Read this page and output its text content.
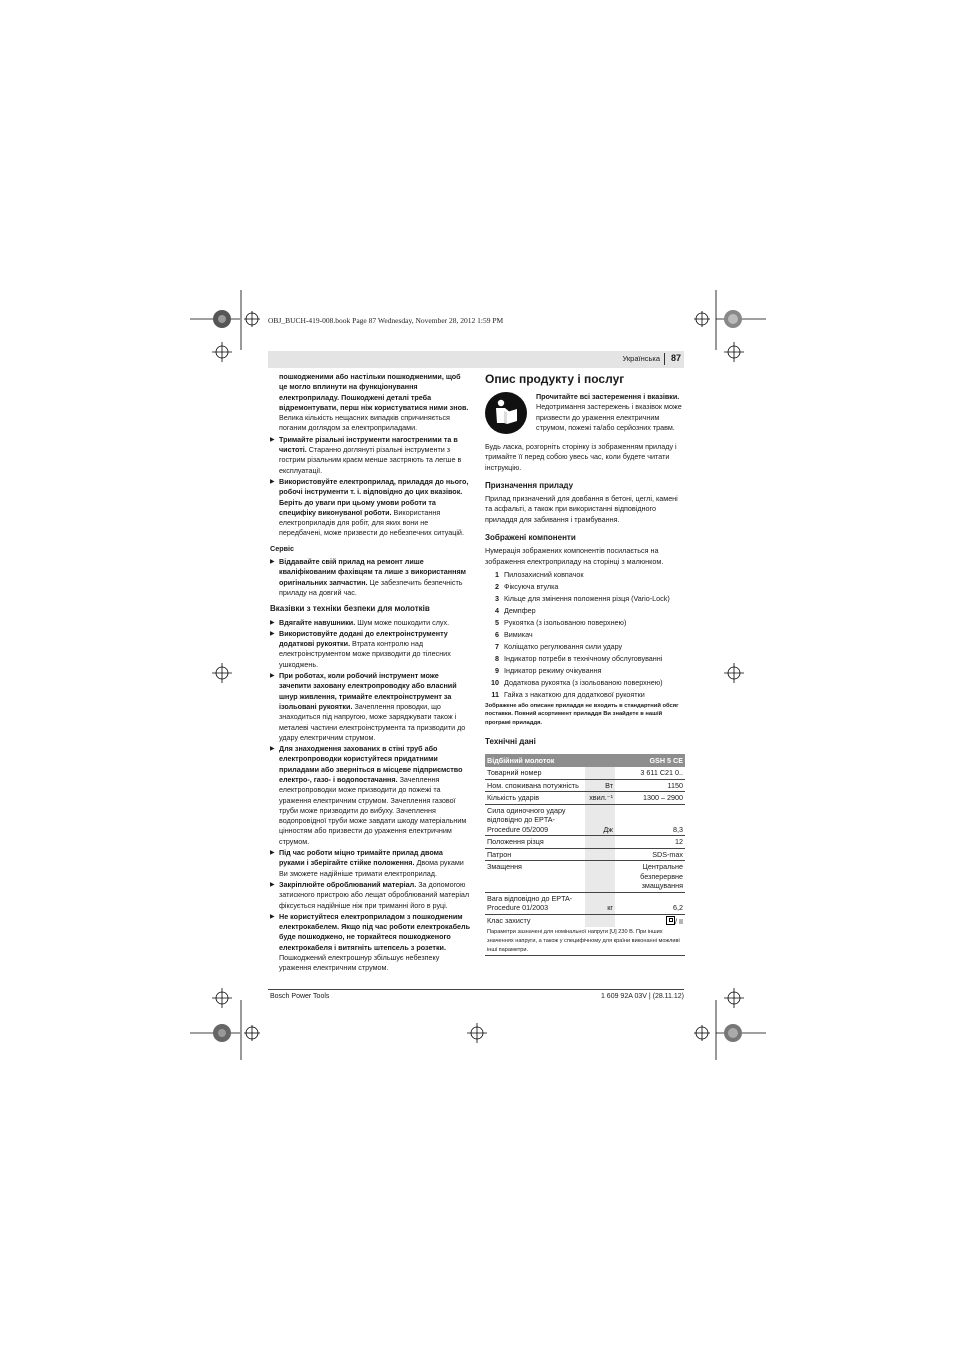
OBJ_BUCH-419-008.book Page 87 Wednesday, November 28, 2012 1:59 PM
Українська 87

пошкодженими або настільки пошкодженими, щоб це могло вплинути на функціонування електроприладу. Пошкоджені деталі треба відремонтувати, перш ніж користуватися ними знов. Велика кількість нещасних випадків спричиняється поганим доглядом за електроприладами.

▶ Тримайте різальні інструменти нагостреними та в чистоті. Старанно доглянуті різальні інструменти з гострим різальним краєм менше застряють та легше в експлуатації.
▶ Використовуйте електроприлад, приладдя до нього, робочі інструменти т. і. відповідно до цих вказівок. Беріть до уваги при цьому умови роботи та специфіку виконуваної роботи. Використання електроприладів для робіт, для яких вони не передбачені, може призвести до небезпечних ситуацій.
Сервіс
▶ Віддавайте свій прилад на ремонт лише кваліфікованим фахівцям та лише з використанням оригінальних запчастин. Це забезпечить безпечність приладу на довгий час.
Вказівки з техніки безпеки для молотків
▶ Вдягайте навушники. Шум може пошкодити слух.
▶ Використовуйте додані до електроінструменту додаткові рукоятки. Втрата контролю над електроінструментом може призводити до тілесних ушкоджень.
▶ При роботах, коли робочий інструмент може зачепити заховану електропроводку або власний шнур живлення, тримайте електроінструмент за ізольовані рукоятки. Зачеплення проводки, що знаходиться під напругою, може заряджувати також і металеві частини електроінструмента та призводити до удару електричним струмом.
▶ Для знаходження захованих в стіні труб або електропроводки користуйтеся придатними приладами або зверніться в місцеве підприємство електро-, газо- і водопостачання. Зачеплення електропроводки може призводити до пожежі та ураження електричним струмом. Зачеплення газової труби може призводити до вибуху. Зачеплення водопровідної труби може завдати шкоду матеріальним цінностям або призвести до ураження електричним струмом.
▶ Під час роботи міцно тримайте прилад двома руками і зберігайте стійке положення. Двома руками Ви зможете надійніше тримати електроприлад.
▶ Закріплюйте оброблюваний матеріал. За допомогою затискного пристрою або лещат оброблюваний матеріал фіксується надійніше ніж при триманні його в руці.
▶ Не користуйтеся електроприладом з пошкодженим електрокабелем. Якщо під час роботи електрокабель буде пошкоджено, не торкайтеся пошкодженого електрокабеля і витягніть штепсель з розетки. Пошкоджений електрошнур збільшує небезпеку ураження електричним струмом.
Опис продукту і послуг
Прочитайте всі застереження і вказівки. Недотримання застережень і вказівок може призвести до ураження електричним струмом, пожежі та/або серйозних травм.

Будь ласка, розгорніть сторінку із зображенням приладу і тримайте її перед собою увесь час, коли будете читати інструкцію.

Призначення приладу

Прилад призначений для довбання в бетоні, цеглі, камені та асфальті, а також при використанні відповідного приладдя для забивання і трамбування.

Зображені компоненти

Нумерація зображених компонентів посилається на зображення електроприладу на сторінці з малюнком.

1 Пилозахисний ковпачок
2 Фіксуюча втулка
3 Кільце для змінення положення різця (Vario-Lock)
4 Демпфер
5 Рукоятка (з ізольованою поверхнею)
6 Вимикач
7 Коліщатко регулювання сили удару
8 Індикатор потреби в технічному обслуговуванні
9 Індикатор режиму очікування
10 Додаткова рукоятка (з ізольованою поверхнею)
11 Гайка з накаткою для додаткової рукоятки

Зображене або описане приладдя не входить в стандартний обсяг поставки. Повний асортимент приладдя Ви знайдете в нашій програмі приладдя.

Технічні дані
Відбійний молоток		GSH 5 CE
Товарний номер		3 611 C21 0..
Ном. споживана потужність	Вт	1150
Кількість ударів	хвил.⁻¹	1300 – 2900
Сила одиночного удару відповідно до EPTA-Procedure 05/2009	Дж	8,3
Положення різця		12
Патрон		SDS-max
Змащення		Центральне безперервне змащування
Вага відповідно до EPTA-Procedure 01/2003	кг	6,2
Клас захисту		/ II
Параметри зазначені для номінальної напруги [U] 230 В. При інших значеннях напруги, а також у специфічному для країни виконанні можливі інші параметри.		
Bosch Power Tools	1 609 92A 03V | (28.11.12)
